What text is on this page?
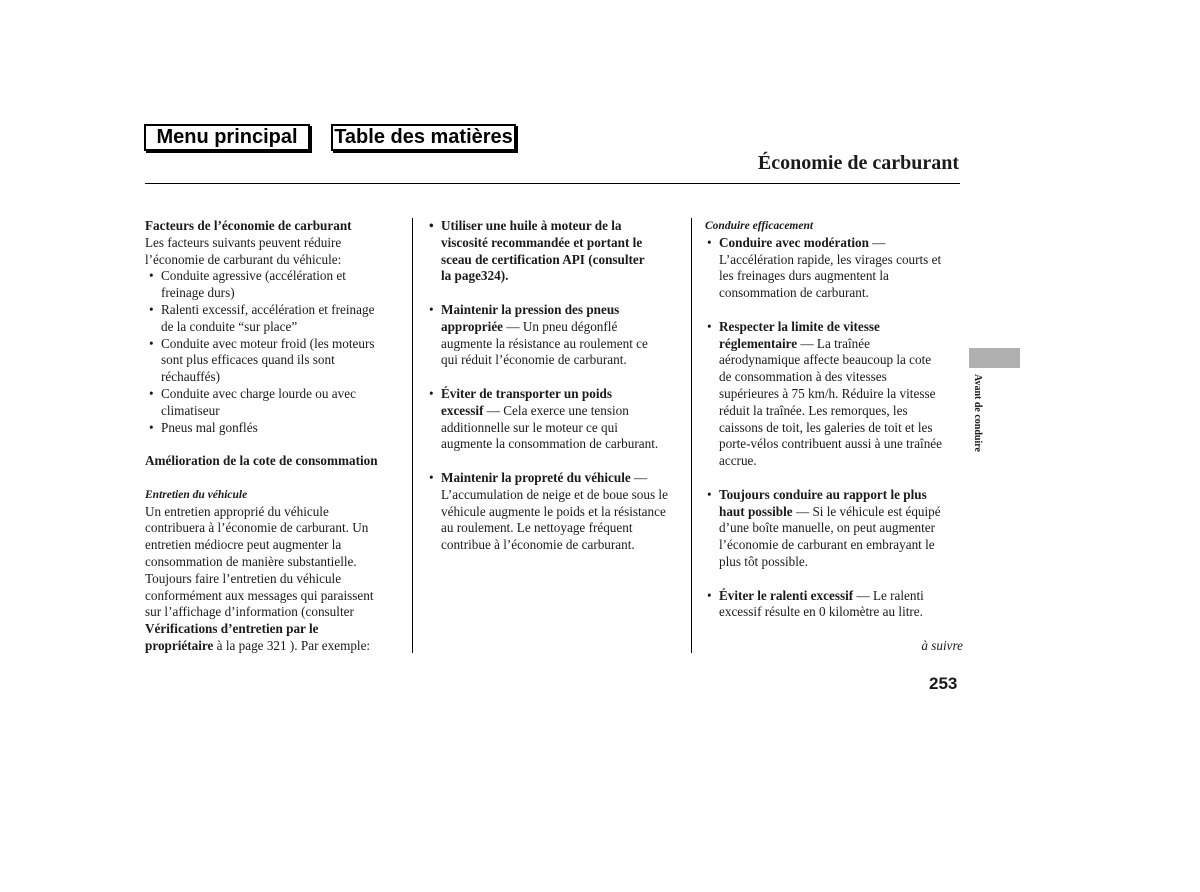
Menu principal	Table des matières
Économie de carburant

Facteurs de l’économie de carburant

Les facteurs suivants peuvent réduire

l’économie de carburant du véhicule:

• Conduite agressive (accélération et
freinage durs)
• Ralenti excessif, accélération et freinage
de la conduite “sur place”
• Conduite avec moteur froid (les moteurs
sont plus efficaces quand ils sont
réchauffés)
• Conduite avec charge lourde ou avec
climatiseur
• Pneus mal gonflés

Amélioration de la cote de consommation

Entretien du véhicule

Un entretien approprié du véhicule

contribuera à l’économie de carburant. Un

entretien médiocre peut augmenter la

consommation de manière substantielle.

Toujours faire l’entretien du véhicule

conformément aux messages qui paraissent

sur l’affichage d’information (consulter

Vérifications d’entretien par le

propriétaire à la page 321 ). Par exemple:

• Utiliser une huile à moteur de la
viscosité recommandée et portant le
sceau de certification API (consulter
la page324).
• Maintenir la pression des pneus
appropriée — Un pneu dégonflé
augmente la résistance au roulement ce
qui réduit l’économie de carburant.
• Éviter de transporter un poids
excessif — Cela exerce une tension
additionnelle sur le moteur ce qui
augmente la consommation de carburant.
• Maintenir la propreté du véhicule —
L’accumulation de neige et de boue sous le
véhicule augmente le poids et la résistance
au roulement. Le nettoyage fréquent
contribue à l’économie de carburant.

Conduire efficacement

• Conduire avec modération —
L’accélération rapide, les virages courts et
les freinages durs augmentent la
consommation de carburant.
• Respecter la limite de vitesse
réglementaire — La traînée
aérodynamique affecte beaucoup la cote
de consommation à des vitesses
supérieures à 75 km/h. Réduire la vitesse
réduit la traînée. Les remorques, les
caissons de toit, les galeries de toit et les
porte-vélos contribuent aussi à une traînée
accrue.
• Toujours conduire au rapport le plus
haut possible — Si le véhicule est équipé
d’une boîte manuelle, on peut augmenter
l’économie de carburant en embrayant le
plus tôt possible.
• Éviter le ralenti excessif — Le ralenti
excessif résulte en 0 kilomètre au litre.

à suivre

Avant de conduire
253
